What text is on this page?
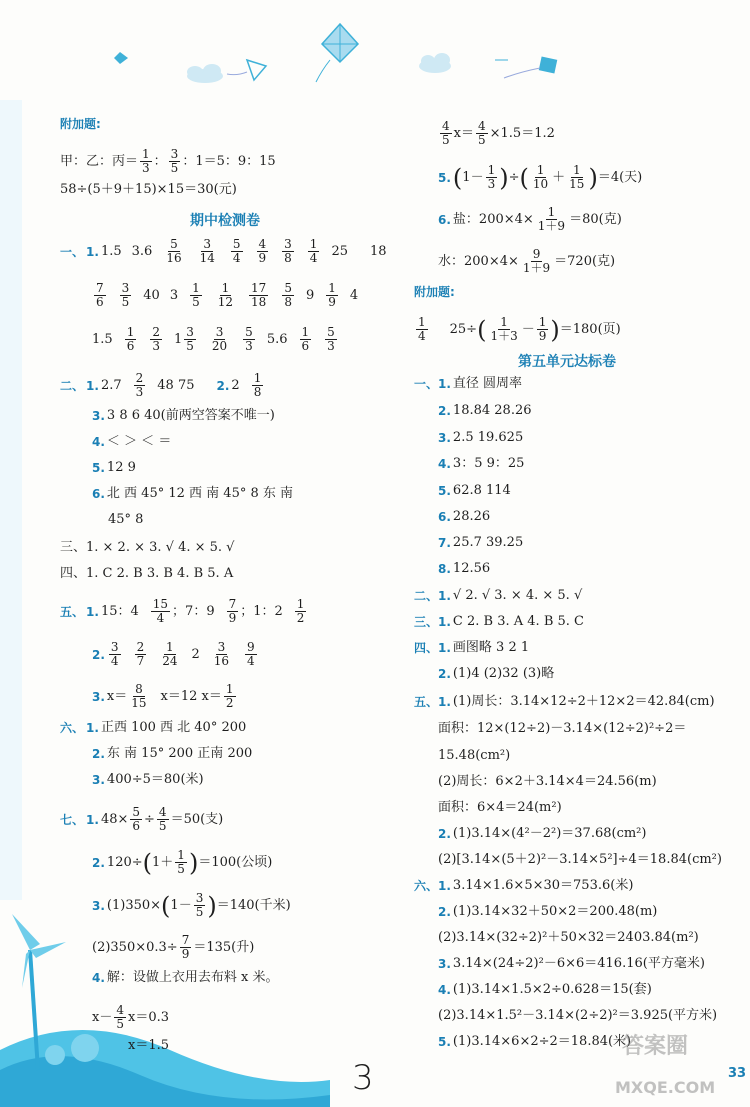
附加题:
甲：乙：丙＝ $\frac{1}{3}$ ： $\frac{3}{5}$ ：1＝5：9：15
58÷(5＋9＋15)×15＝30(元)
期中检测卷
一、 1. 1.5 $3.6 \frac{5}{16} \frac{3}{14} \frac{5}{4} \frac{4}{9} \frac{3}{8} \frac{1}{4} 25$ 18
$\frac{7}{6} \frac{3}{5} 40$ $3 \frac{1}{5} \frac{1}{12} \frac{17}{18} \frac{5}{8} 9 \frac{1}{9} 4$
$1.5 \frac{1}{6} \frac{2}{3} 1 \frac{3}{5} \frac{3}{20} \frac{5}{3} 5.6 \frac{1}{6} \frac{5}{3}$
二、 1. $2.7 \frac{2}{3} 48$ 75 2. $2 \frac{1}{8}$
3. 3 8 6 40(前两空答案不唯一)
4. ＜ ＞ ＜ ＝
5. 12 9
6. 北 西 45° 12 西 南 45° 8 东 南
45° 8
三、1. × 2. × 3. √ 4. × 5. √
四、1. C 2. B 3. B 4. B 5. A
五、 1. 15：$4 \frac{15}{4}$ ；7：$9 \frac{7}{9}$ ；1：$2 \frac{1}{2}$
2. $\frac{3}{4} \frac{2}{7} \frac{1}{24} 2 \frac{3}{16} \frac{9}{4}$
3. $x= \frac{8}{15} x=12$ $x= \frac{1}{2}$
六、 1. 正西 100 西 北 40° 200
2. 东 南 15° 200 正南 200
3. 400÷5＝80(米)
七、 1. $48\times \frac{5}{6} \div \frac{4}{5} =50$(支)
2. 120÷ ( $1+ \frac{1}{5}$ ) ＝100(公顷)
3. (1)350× ( $1- \frac{3}{5}$ ) ＝140(千米)
$(2)350\times 0.3\div \frac{7}{9} =135$(升)
4. 解：设做上衣用去布料 x 米。
$x- \frac{4}{5} x=0.3$
x＝1.5
$\frac{4}{5} x= \frac{4}{5} \times 1.5=1.2$
5. ( $1- \frac{1}{3}$ ) ÷ ( $\frac{1}{10} + \frac{1}{15}$ ) ＝4(天)
6. 盐：$200\times 4\times \frac{1}{1+9} =80$(克)
水：$200\times 4\times \frac{9}{1+9} =720$(克)
附加题:
$\frac{1}{4} 25\div$ ( $\frac{1}{1+3} - \frac{1}{9}$ ) ＝180(页)
第五单元达标卷
一、1. 直径 圆周率
2. 18.84 28.26
3. 2.5 19.625
4. 3：5 9：25
5. 62.8 114
6. 28.26
7. 25.7 39.25
8. 12.56
二、1. √ 2. √ 3. × 4. × 5. √
三、1. C 2. B 3. A 4. B 5. C
四、1. 画图略 3 2 1
2. (1)4 (2)32 (3)略
五、1. (1)周长：3.14×12÷2＋12×2＝42.84(cm)
面积：12×(12÷2)－3.14×(12÷2)²÷2＝
15.48(cm²)
(2)周长：6×2＋3.14×4＝24.56(m)
面积：6×4＝24(m²)
2. (1)3.14×(4²－2²)＝37.68(cm²)
(2)[3.14×(5＋2)²－3.14×5²]÷4＝18.84(cm²)
六、1. 3.14×1.6×5×30＝753.6(米)
2. (1)3.14×32＋50×2＝200.48(m)
(2)3.14×(32÷2)²＋50×32＝2403.84(m²)
3. 3.14×(24÷2)²－6×6＝416.16(平方毫米)
4. (1)3.14×1.5×2÷0.628＝15(套)
(2)3.14×1.5²－3.14×(2÷2)²＝3.925(平方米)
5. (1)3.14×6×2÷2＝18.84(米)
33
3
答案圈
MXQE.COM
